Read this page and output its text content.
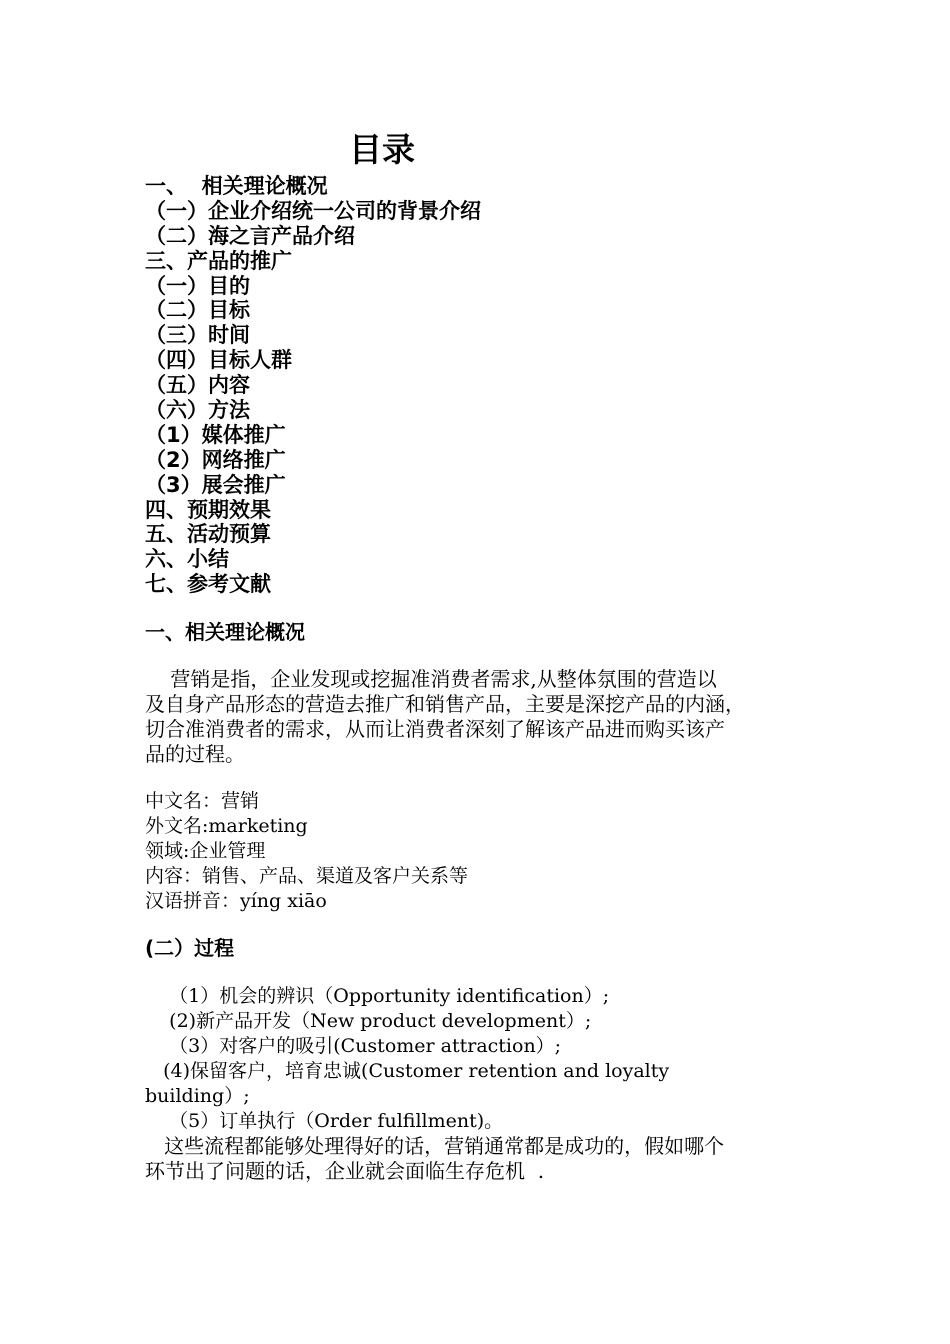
目录
一、  相关理论概况
（一）企业介绍统一公司的背景介绍
（二）海之言产品介绍
三、产品的推广
（一）目的
（二）目标
（三）时间
（四）目标人群
（五）内容
（六）方法
（1）媒体推广
（2）网络推广
（3）展会推广
四、预期效果
五、活动预算
六、小结
七、参考文献
一、相关理论概况

营销是指，企业发现或挖掘准消费者需求,从整体氛围的营造以
及自身产品形态的营造去推广和销售产品，主要是深挖产品的内涵，
切合准消费者的需求，从而让消费者深刻了解该产品进而购买该产
品的过程。

中文名：营销
外文名:marketing
领域:企业管理
内容：销售、产品、渠道及客户关系等
汉语拼音：yíng xiāo
(二）过程
（1）机会的辨识（Opportunity identification）;
(2)新产品开发（New product development）;
（3）对客户的吸引(Customer attraction）;
(4)保留客户，培育忠诚(Customer retention and loyalty
building）;
（5）订单执行（Order fulfillment)。
这些流程都能够处理得好的话，营销通常都是成功的，假如哪个
环节出了问题的话，企业就会面临生存危机  .
